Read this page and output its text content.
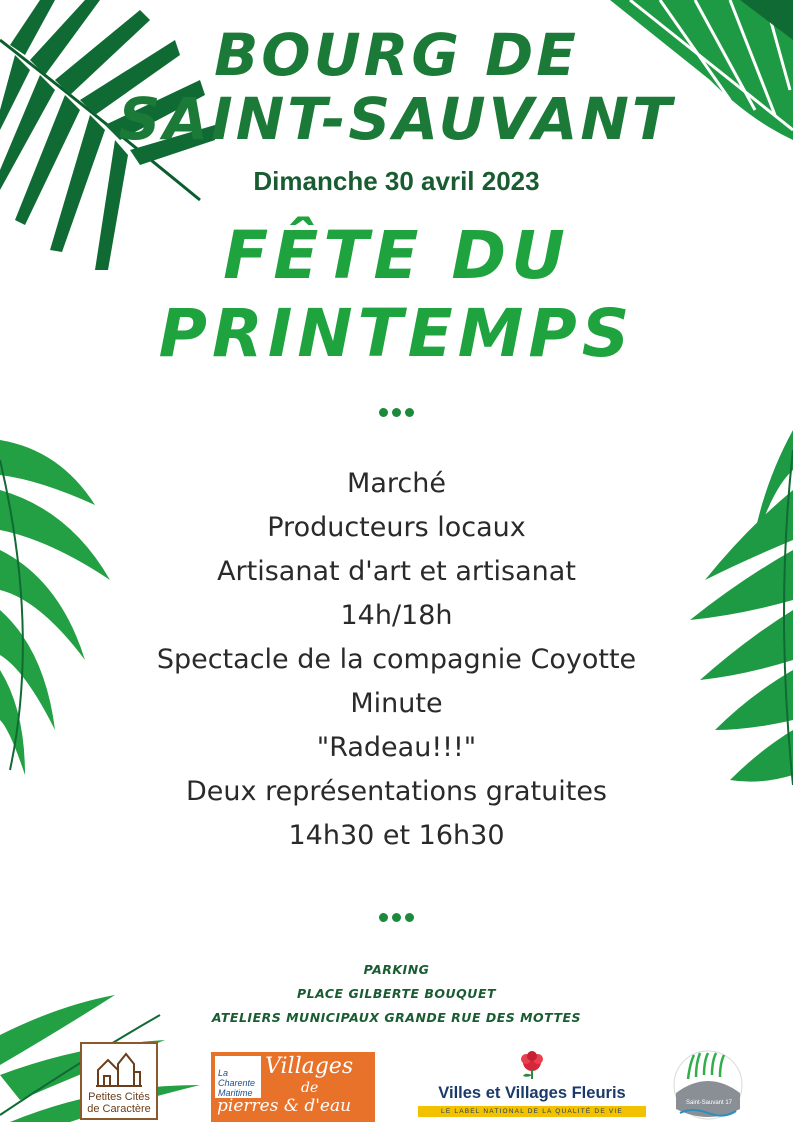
BOURG DE
SAINT-SAUVANT
Dimanche 30 avril 2023
FÊTE DU
PRINTEMPS
Marché
Producteurs locaux
Artisanat d'art et artisanat
14h/18h
Spectacle de la compagnie Coyotte
Minute
"Radeau!!!"
Deux représentations gratuites
14h30 et 16h30
PARKING
PLACE GILBERTE BOUQUET
ATELIERS MUNICIPAUX GRANDE RUE DES MOTTES
Petites Cités de Caractère
La
Charente
Maritime
Villages
de
pierres & d'eau
Villes et Villages Fleuris
LE LABEL NATIONAL DE LA QUALITÉ DE VIE
Saint-Sauvant 17
